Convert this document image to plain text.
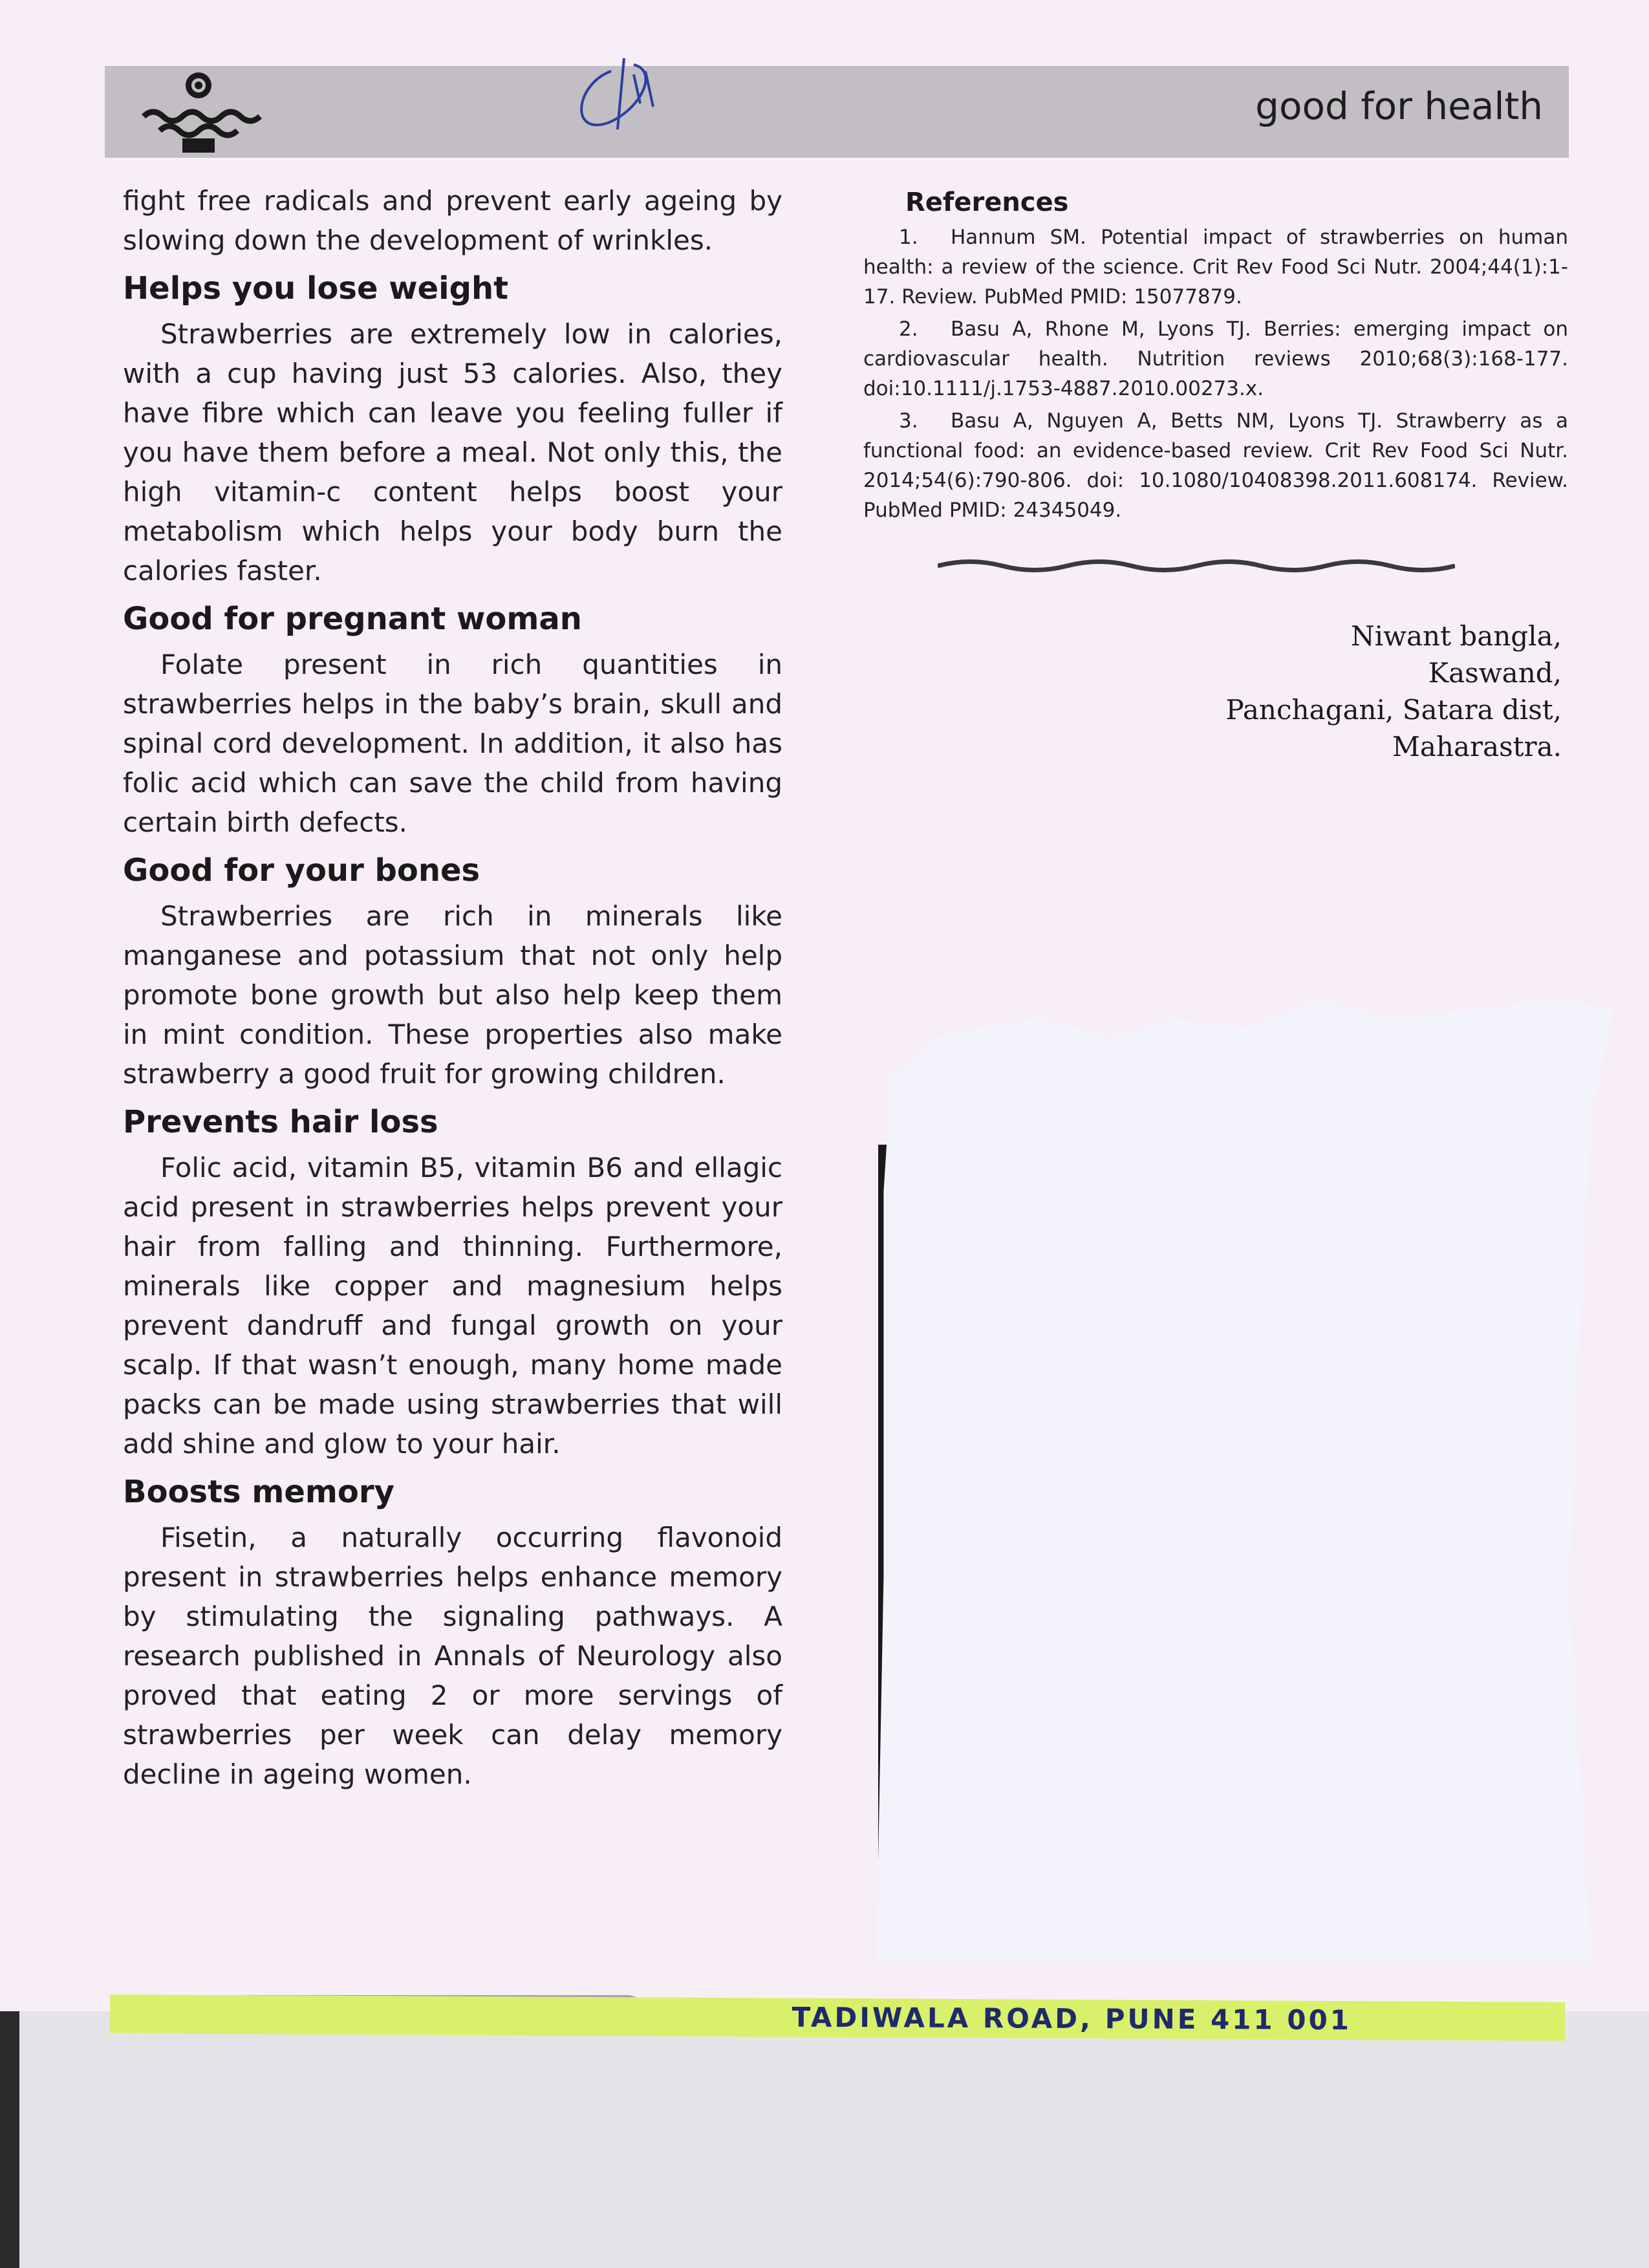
good for health

fight free radicals and prevent early ageing by slowing down the development of wrinkles.

Helps you lose weight

Strawberries are extremely low in calories, with a cup having just 53 calories. Also, they have fibre which can leave you feeling fuller if you have them before a meal. Not only this, the high vitamin-c content helps boost your metabolism which helps your body burn the calories faster.

Good for pregnant woman

Folate present in rich quantities in strawberries helps in the baby’s brain, skull and spinal cord development. In addition, it also has folic acid which can save the child from having certain birth defects.

Good for your bones

Strawberries are rich in minerals like manganese and potassium that not only help promote bone growth but also help keep them in mint condition. These properties also make strawberry a good fruit for growing children.

Prevents hair loss

Folic acid, vitamin B5, vitamin B6 and ellagic acid present in strawberries helps prevent your hair from falling and thinning. Furthermore, minerals like copper and magnesium helps prevent dandruff and fungal growth on your scalp. If that wasn’t enough, many home made packs can be made using strawberries that will add shine and glow to your hair.

Boosts memory

Fisetin, a naturally occurring flavonoid present in strawberries helps enhance memory by stimulating the signaling pathways. A research published in Annals of Neurology also proved that eating 2 or more servings of strawberries per week can delay memory decline in ageing women.

References

1. Hannum SM. Potential impact of strawberries on human health: a review of the science. Crit Rev Food Sci Nutr. 2004;44(1):1-17. Review. PubMed PMID: 15077879.

2. Basu A, Rhone M, Lyons TJ. Berries: emerging impact on cardiovascular health. Nutrition reviews 2010;68(3):168-177. doi:10.1111/j.1753-4887.2010.00273.x.

3. Basu A, Nguyen A, Betts NM, Lyons TJ. Strawberry as a functional food: an evidence-based review. Crit Rev Food Sci Nutr. 2014;54(6):790-806. doi: 10.1080/10408398.2011.608174. Review. PubMed PMID: 24345049.

Niwant bangla,
Kaswand,
Panchagani, Satara dist,
Maharastra.
TADIWALA ROAD, PUNE 411 001
